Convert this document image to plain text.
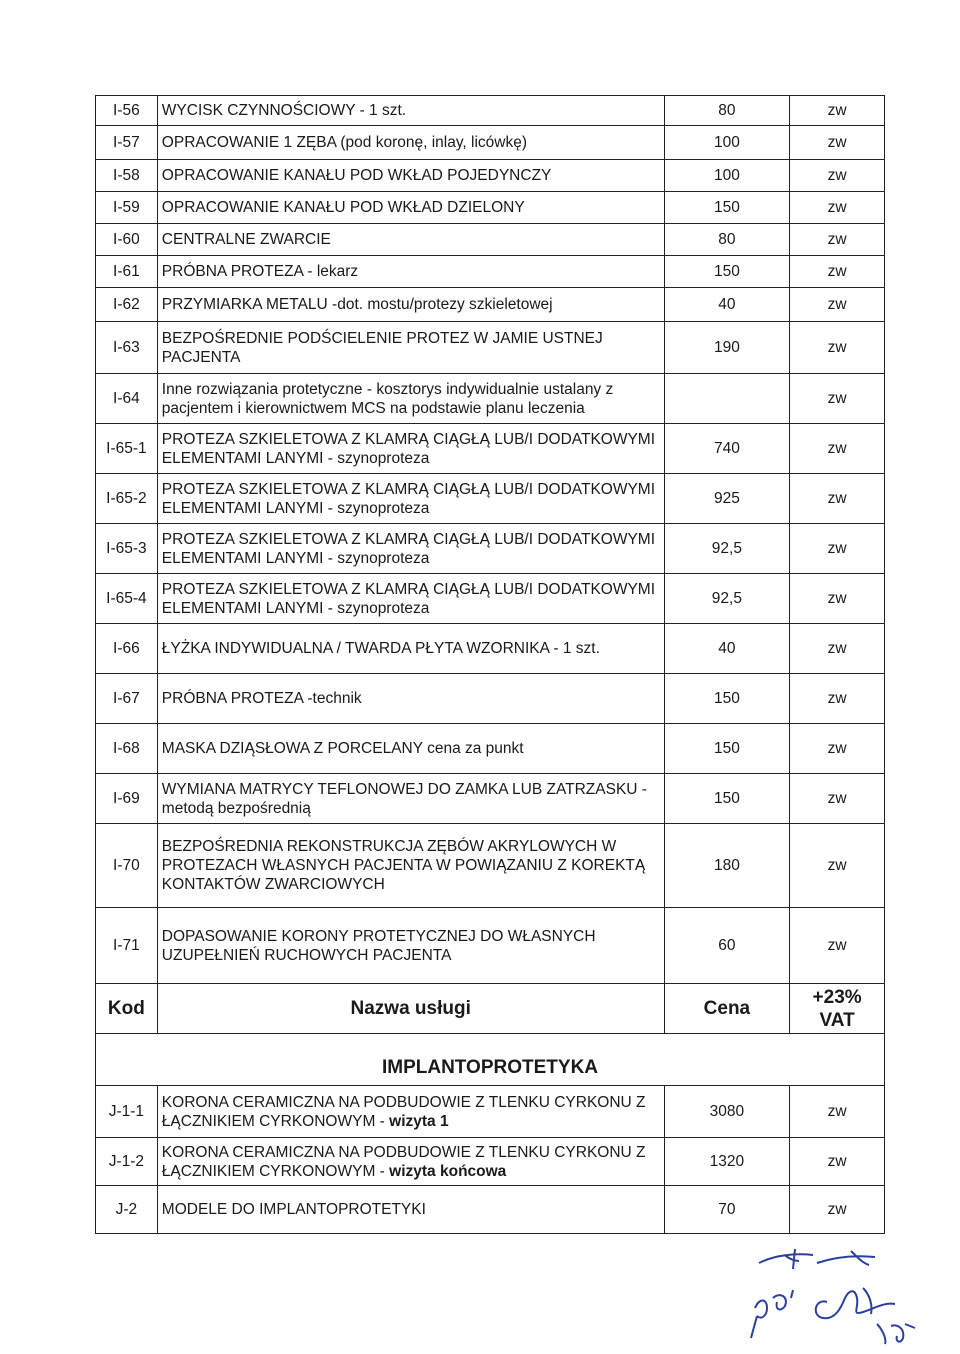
I-56	WYCISK CZYNNOŚCIOWY - 1 szt.	80	zw
I-57	OPRACOWANIE 1 ZĘBA (pod koronę, inlay, licówkę)	100	zw
I-58	OPRACOWANIE KANAŁU POD WKŁAD POJEDYNCZY	100	zw
I-59	OPRACOWANIE KANAŁU POD WKŁAD DZIELONY	150	zw
I-60	CENTRALNE ZWARCIE	80	zw
I-61	PRÓBNA PROTEZA - lekarz	150	zw
I-62	PRZYMIARKA METALU -dot. mostu/protezy szkieletowej	40	zw
I-63	BEZPOŚREDNIE PODŚCIELENIE PROTEZ W JAMIE USTNEJ PACJENTA	190	zw
I-64	Inne rozwiązania protetyczne - kosztorys indywidualnie ustalany z pacjentem i kierownictwem MCS na podstawie planu leczenia		zw
I-65-1	PROTEZA SZKIELETOWA Z KLAMRĄ CIĄGŁĄ LUB/I DODATKOWYMI ELEMENTAMI LANYMI - szynoproteza	740	zw
I-65-2	PROTEZA SZKIELETOWA Z KLAMRĄ CIĄGŁĄ LUB/I DODATKOWYMI ELEMENTAMI LANYMI - szynoproteza	925	zw
I-65-3	PROTEZA SZKIELETOWA Z KLAMRĄ CIĄGŁĄ LUB/I DODATKOWYMI ELEMENTAMI LANYMI - szynoproteza	92,5	zw
I-65-4	PROTEZA SZKIELETOWA Z KLAMRĄ CIĄGŁĄ LUB/I DODATKOWYMI ELEMENTAMI LANYMI - szynoproteza	92,5	zw
I-66	ŁYŻKA INDYWIDUALNA / TWARDA PŁYTA WZORNIKA - 1 szt.	40	zw
I-67	PRÓBNA PROTEZA -technik	150	zw
I-68	MASKA DZIĄSŁOWA Z PORCELANY cena za punkt	150	zw
I-69	WYMIANA MATRYCY TEFLONOWEJ DO ZAMKA LUB ZATRZASKU - metodą bezpośrednią	150	zw
I-70	BEZPOŚREDNIA REKONSTRUKCJA ZĘBÓW AKRYLOWYCH W PROTEZACH WŁASNYCH PACJENTA W POWIĄZANIU Z KOREKTĄ KONTAKTÓW ZWARCIOWYCH	180	zw
I-71	DOPASOWANIE KORONY PROTETYCZNEJ DO WŁASNYCH UZUPEŁNIEŃ RUCHOWYCH PACJENTA	60	zw
Kod	Nazwa usługi	Cena	+23% VAT
IMPLANTOPROTETYKA			
J-1-1	KORONA CERAMICZNA NA PODBUDOWIE Z TLENKU CYRKONU Z ŁĄCZNIKIEM CYRKONOWYM - wizyta 1	3080	zw
J-1-2	KORONA CERAMICZNA NA PODBUDOWIE Z TLENKU CYRKONU Z ŁĄCZNIKIEM CYRKONOWYM - wizyta końcowa	1320	zw
J-2	MODELE DO IMPLANTOPROTETYKI	70	zw
